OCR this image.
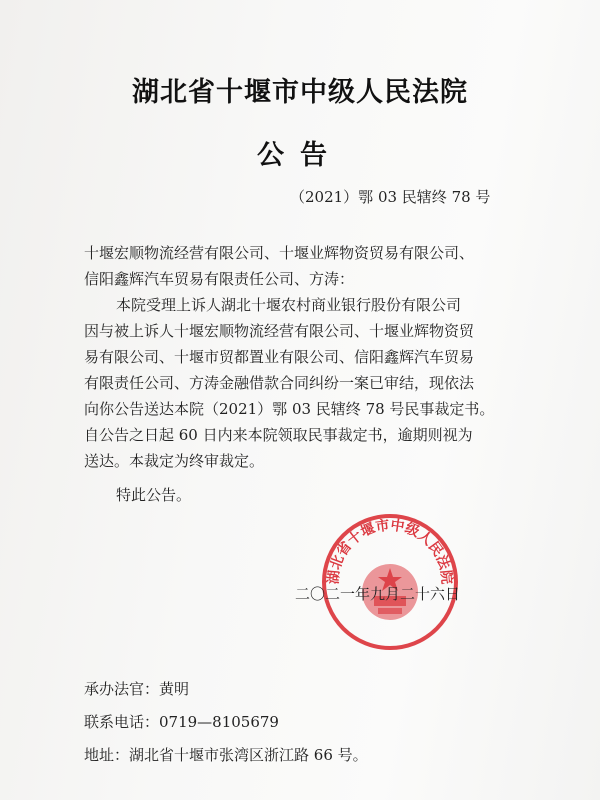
湖北省十堰市中级人民法院
公告
（2021）鄂 03 民辖终 78 号
十堰宏顺物流经营有限公司、十堰业辉物资贸易有限公司、
信阳鑫辉汽车贸易有限责任公司、方涛：
本院受理上诉人湖北十堰农村商业银行股份有限公司
因与被上诉人十堰宏顺物流经营有限公司、十堰业辉物资贸
易有限公司、十堰市贸都置业有限公司、信阳鑫辉汽车贸易
有限责任公司、方涛金融借款合同纠纷一案已审结，现依法
向你公告送达本院（2021）鄂 03 民辖终 78 号民事裁定书。
自公告之日起 60 日内来本院领取民事裁定书，逾期则视为
送达。本裁定为终审裁定。
特此公告。
湖北省十堰市中级人民法院
二〇二一年九月二十六日
承办法官：黄明
联系电话：0719—8105679
地址：湖北省十堰市张湾区浙江路 66 号。
